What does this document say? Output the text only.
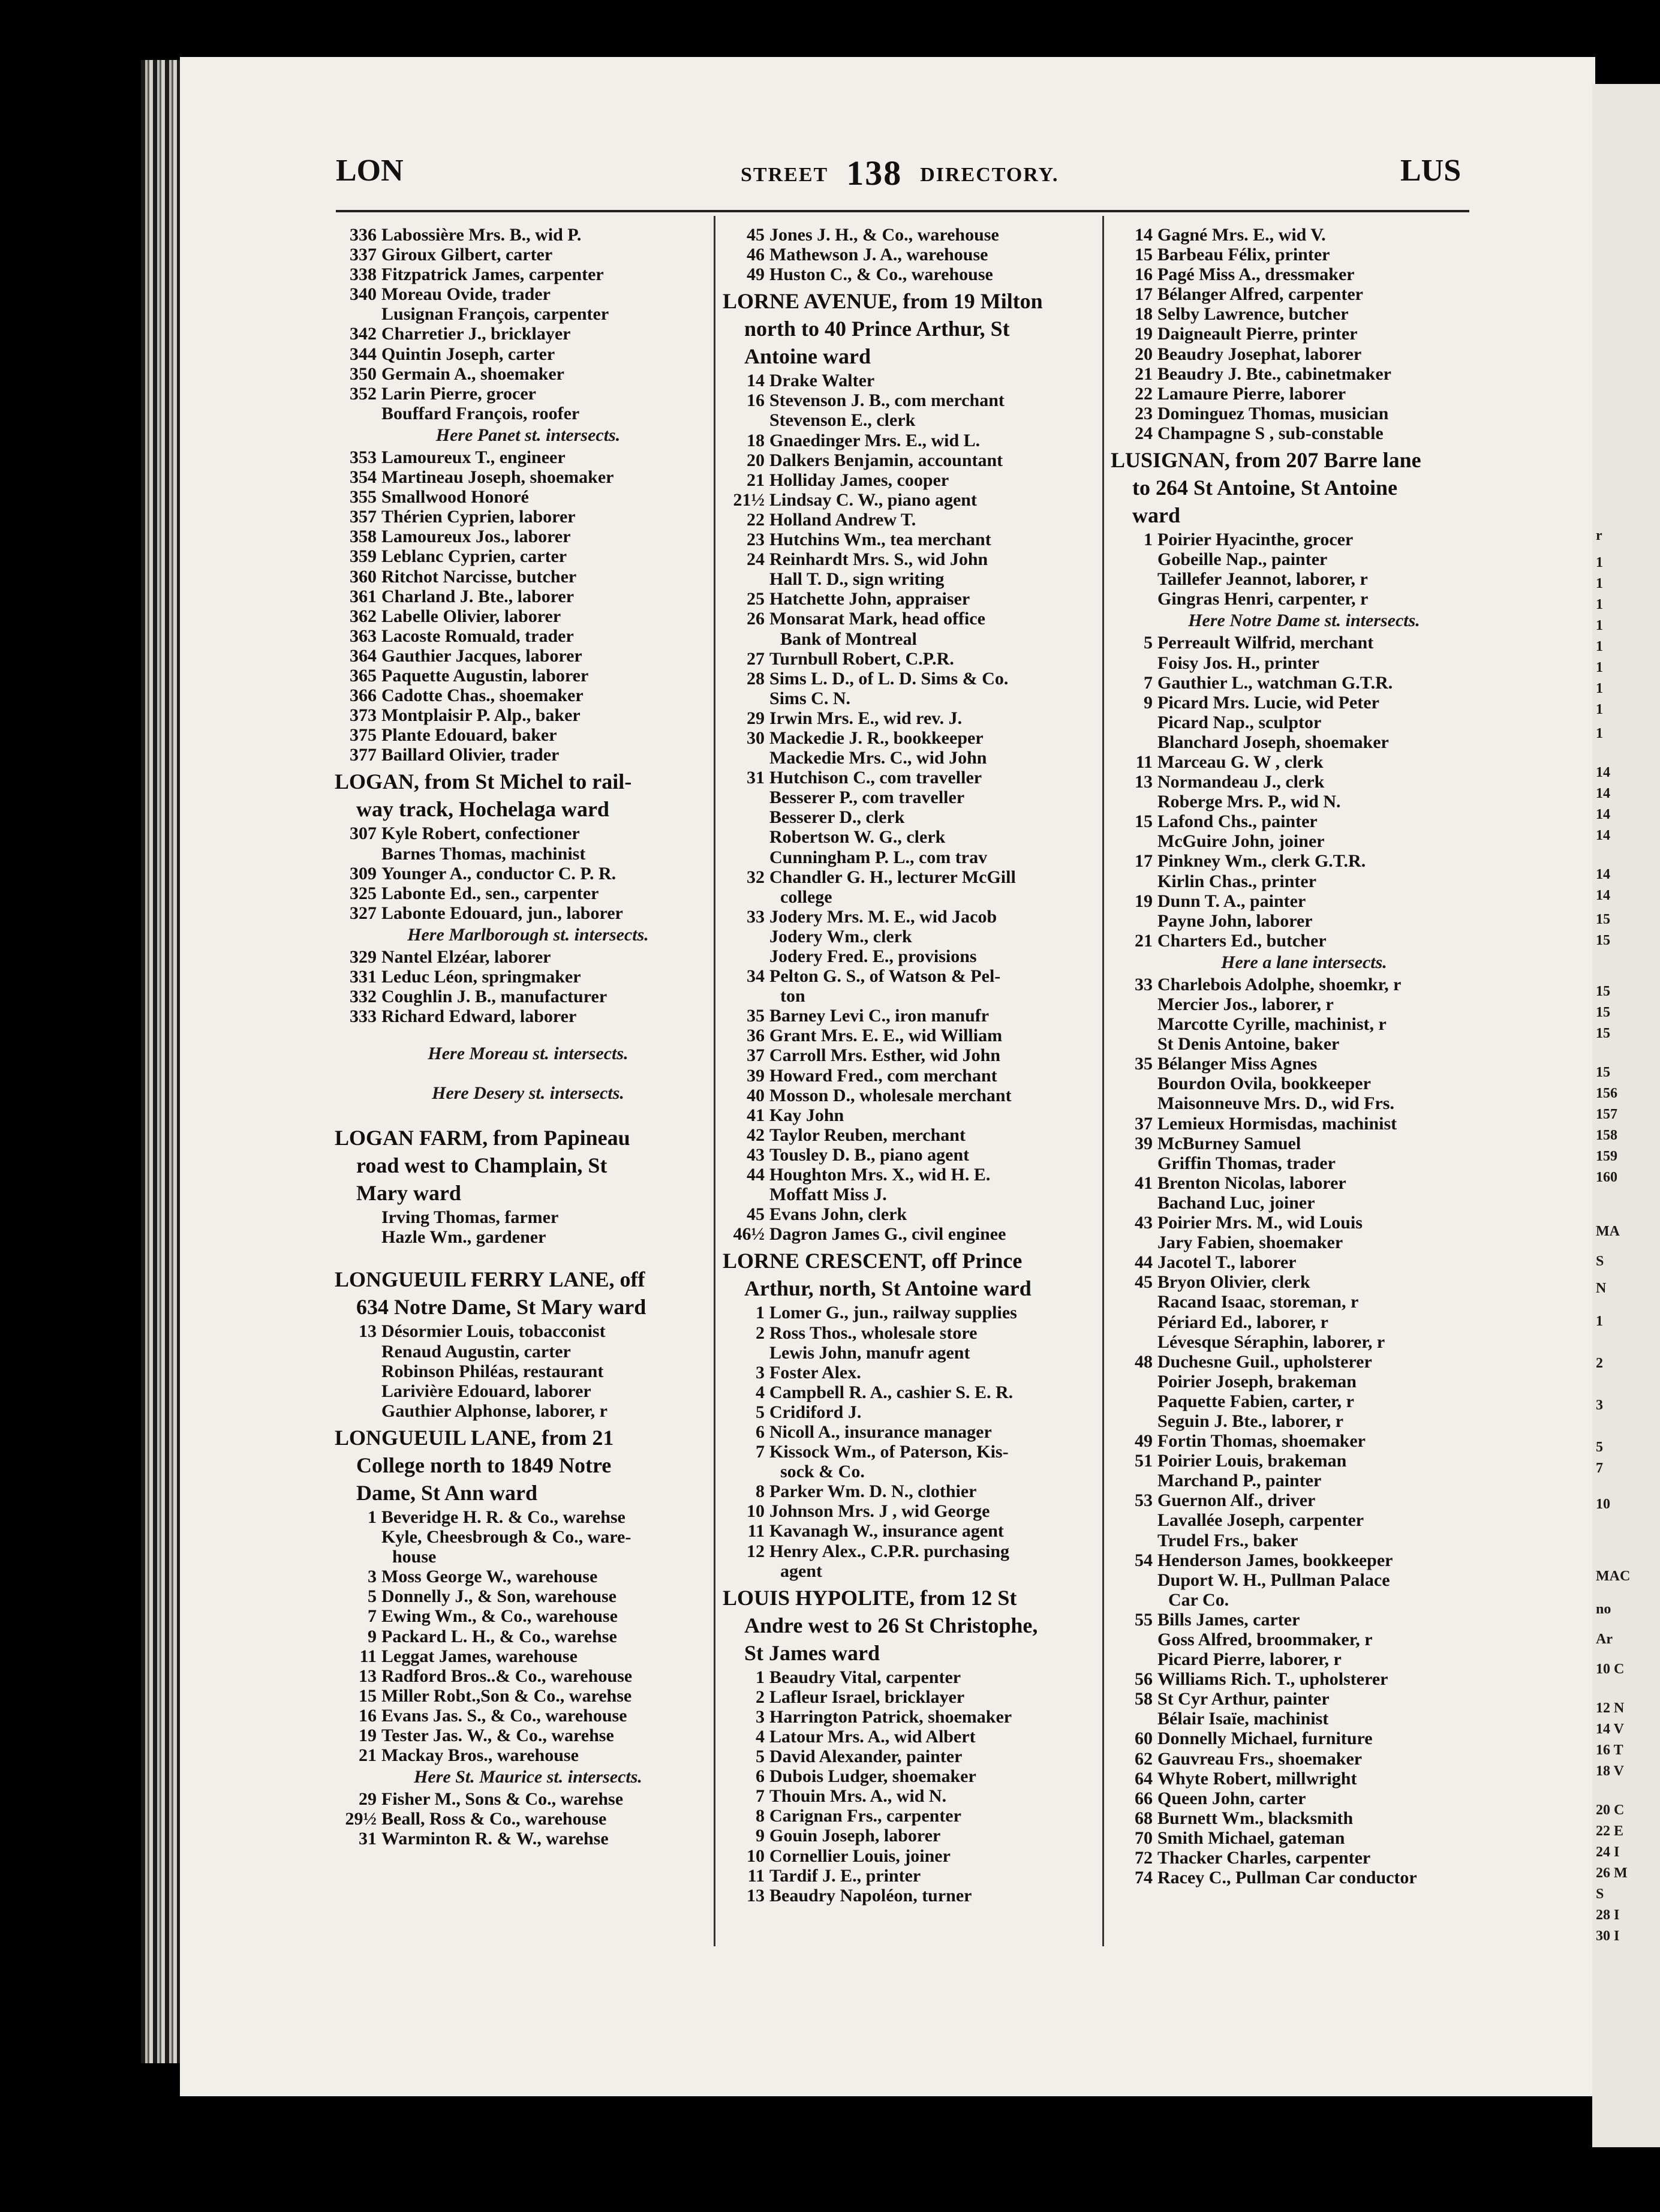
r
1
1
1
1
1
1
1
1
1
14
14
14
14
14
14
15
15
15
15
15
15
156
157
158
159
160
MA
S
N
1
2
3
5
7
10
MAC
no
Ar
10 C
12 N
14 V
16 T
18 V
20 C
22 E
24 I
26 M
S
28 I
30 I
LON	STREET 138 DIRECTORY.	LUS
336 Labossière Mrs. B., wid P.
337 Giroux Gilbert, carter
338 Fitzpatrick James, carpenter
340 Moreau Ovide, trader
Lusignan François, carpenter
342 Charretier J., bricklayer
344 Quintin Joseph, carter
350 Germain A., shoemaker
352 Larin Pierre, grocer
Bouffard François, roofer
Here Panet st. intersects.
353 Lamoureux T., engineer
354 Martineau Joseph, shoemaker
355 Smallwood Honoré
357 Thérien Cyprien, laborer
358 Lamoureux Jos., laborer
359 Leblanc Cyprien, carter
360 Ritchot Narcisse, butcher
361 Charland J. Bte., laborer
362 Labelle Olivier, laborer
363 Lacoste Romuald, trader
364 Gauthier Jacques, laborer
365 Paquette Augustin, laborer
366 Cadotte Chas., shoemaker
373 Montplaisir P. Alp., baker
375 Plante Edouard, baker
377 Baillard Olivier, trader
LOGAN, from St Michel to rail-
way track, Hochelaga ward
307 Kyle Robert, confectioner
Barnes Thomas, machinist
309 Younger A., conductor C. P. R.
325 Labonte Ed., sen., carpenter
327 Labonte Edouard, jun., laborer
Here Marlborough st. intersects.
329 Nantel Elzéar, laborer
331 Leduc Léon, springmaker
332 Coughlin J. B., manufacturer
333 Richard Edward, laborer
Here Moreau st. intersects.
Here Desery st. intersects.
LOGAN FARM, from Papineau
road west to Champlain, St
Mary ward
Irving Thomas, farmer
Hazle Wm., gardener
LONGUEUIL FERRY LANE, off
634 Notre Dame, St Mary ward
13 Désormier Louis, tobacconist
Renaud Augustin, carter
Robinson Philéas, restaurant
Larivière Edouard, laborer
Gauthier Alphonse, laborer, r
LONGUEUIL LANE, from 21
College north to 1849 Notre
Dame, St Ann ward
1 Beveridge H. R. & Co., warehse
Kyle, Cheesbrough & Co., ware-
house
3 Moss George W., warehouse
5 Donnelly J., & Son, warehouse
7 Ewing Wm., & Co., warehouse
9 Packard L. H., & Co., warehse
11 Leggat James, warehouse
13 Radford Bros..& Co., warehouse
15 Miller Robt.,Son & Co., warehse
16 Evans Jas. S., & Co., warehouse
19 Tester Jas. W., & Co., warehse
21 Mackay Bros., warehouse
Here St. Maurice st. intersects.
29 Fisher M., Sons & Co., warehse
29½ Beall, Ross & Co., warehouse
31 Warminton R. & W., warehse
45 Jones J. H., & Co., warehouse
46 Mathewson J. A., warehouse
49 Huston C., & Co., warehouse
LORNE AVENUE, from 19 Milton
north to 40 Prince Arthur, St
Antoine ward
14 Drake Walter
16 Stevenson J. B., com merchant
Stevenson E., clerk
18 Gnaedinger Mrs. E., wid L.
20 Dalkers Benjamin, accountant
21 Holliday James, cooper
21½ Lindsay C. W., piano agent
22 Holland Andrew T.
23 Hutchins Wm., tea merchant
24 Reinhardt Mrs. S., wid John
Hall T. D., sign writing
25 Hatchette John, appraiser
26 Monsarat Mark, head office
Bank of Montreal
27 Turnbull Robert, C.P.R.
28 Sims L. D., of L. D. Sims & Co.
Sims C. N.
29 Irwin Mrs. E., wid rev. J.
30 Mackedie J. R., bookkeeper
Mackedie Mrs. C., wid John
31 Hutchison C., com traveller
Besserer P., com traveller
Besserer D., clerk
Robertson W. G., clerk
Cunningham P. L., com trav
32 Chandler G. H., lecturer McGill
college
33 Jodery Mrs. M. E., wid Jacob
Jodery Wm., clerk
Jodery Fred. E., provisions
34 Pelton G. S., of Watson & Pel-
ton
35 Barney Levi C., iron manufr
36 Grant Mrs. E. E., wid William
37 Carroll Mrs. Esther, wid John
39 Howard Fred., com merchant
40 Mosson D., wholesale merchant
41 Kay John
42 Taylor Reuben, merchant
43 Tousley D. B., piano agent
44 Houghton Mrs. X., wid H. E.
Moffatt Miss J.
45 Evans John, clerk
46½ Dagron James G., civil enginee
LORNE CRESCENT, off Prince
Arthur, north, St Antoine ward
1 Lomer G., jun., railway supplies
2 Ross Thos., wholesale store
Lewis John, manufr agent
3 Foster Alex.
4 Campbell R. A., cashier S. E. R.
5 Cridiford J.
6 Nicoll A., insurance manager
7 Kissock Wm., of Paterson, Kis-
sock & Co.
8 Parker Wm. D. N., clothier
10 Johnson Mrs. J , wid George
11 Kavanagh W., insurance agent
12 Henry Alex., C.P.R. purchasing
agent
LOUIS HYPOLITE, from 12 St
Andre west to 26 St Christophe,
St James ward
1 Beaudry Vital, carpenter
2 Lafleur Israel, bricklayer
3 Harrington Patrick, shoemaker
4 Latour Mrs. A., wid Albert
5 David Alexander, painter
6 Dubois Ludger, shoemaker
7 Thouin Mrs. A., wid N.
8 Carignan Frs., carpenter
9 Gouin Joseph, laborer
10 Cornellier Louis, joiner
11 Tardif J. E., printer
13 Beaudry Napoléon, turner
14 Gagné Mrs. E., wid V.
15 Barbeau Félix, printer
16 Pagé Miss A., dressmaker
17 Bélanger Alfred, carpenter
18 Selby Lawrence, butcher
19 Daigneault Pierre, printer
20 Beaudry Josephat, laborer
21 Beaudry J. Bte., cabinetmaker
22 Lamaure Pierre, laborer
23 Dominguez Thomas, musician
24 Champagne S , sub-constable
LUSIGNAN, from 207 Barre lane
to 264 St Antoine, St Antoine
ward
1 Poirier Hyacinthe, grocer
Gobeille Nap., painter
Taillefer Jeannot, laborer, r
Gingras Henri, carpenter, r
Here Notre Dame st. intersects.
5 Perreault Wilfrid, merchant
Foisy Jos. H., printer
7 Gauthier L., watchman G.T.R.
9 Picard Mrs. Lucie, wid Peter
Picard Nap., sculptor
Blanchard Joseph, shoemaker
11 Marceau G. W , clerk
13 Normandeau J., clerk
Roberge Mrs. P., wid N.
15 Lafond Chs., painter
McGuire John, joiner
17 Pinkney Wm., clerk G.T.R.
Kirlin Chas., printer
19 Dunn T. A., painter
Payne John, laborer
21 Charters Ed., butcher
Here a lane intersects.
33 Charlebois Adolphe, shoemkr, r
Mercier Jos., laborer, r
Marcotte Cyrille, machinist, r
St Denis Antoine, baker
35 Bélanger Miss Agnes
Bourdon Ovila, bookkeeper
Maisonneuve Mrs. D., wid Frs.
37 Lemieux Hormisdas, machinist
39 McBurney Samuel
Griffin Thomas, trader
41 Brenton Nicolas, laborer
Bachand Luc, joiner
43 Poirier Mrs. M., wid Louis
Jary Fabien, shoemaker
44 Jacotel T., laborer
45 Bryon Olivier, clerk
Racand Isaac, storeman, r
Périard Ed., laborer, r
Lévesque Séraphin, laborer, r
48 Duchesne Guil., upholsterer
Poirier Joseph, brakeman
Paquette Fabien, carter, r
Seguin J. Bte., laborer, r
49 Fortin Thomas, shoemaker
51 Poirier Louis, brakeman
Marchand P., painter
53 Guernon Alf., driver
Lavallée Joseph, carpenter
Trudel Frs., baker
54 Henderson James, bookkeeper
Duport W. H., Pullman Palace
Car Co.
55 Bills James, carter
Goss Alfred, broommaker, r
Picard Pierre, laborer, r
56 Williams Rich. T., upholsterer
58 St Cyr Arthur, painter
Bélair Isaïe, machinist
60 Donnelly Michael, furniture
62 Gauvreau Frs., shoemaker
64 Whyte Robert, millwright
66 Queen John, carter
68 Burnett Wm., blacksmith
70 Smith Michael, gateman
72 Thacker Charles, carpenter
74 Racey C., Pullman Car conductor
